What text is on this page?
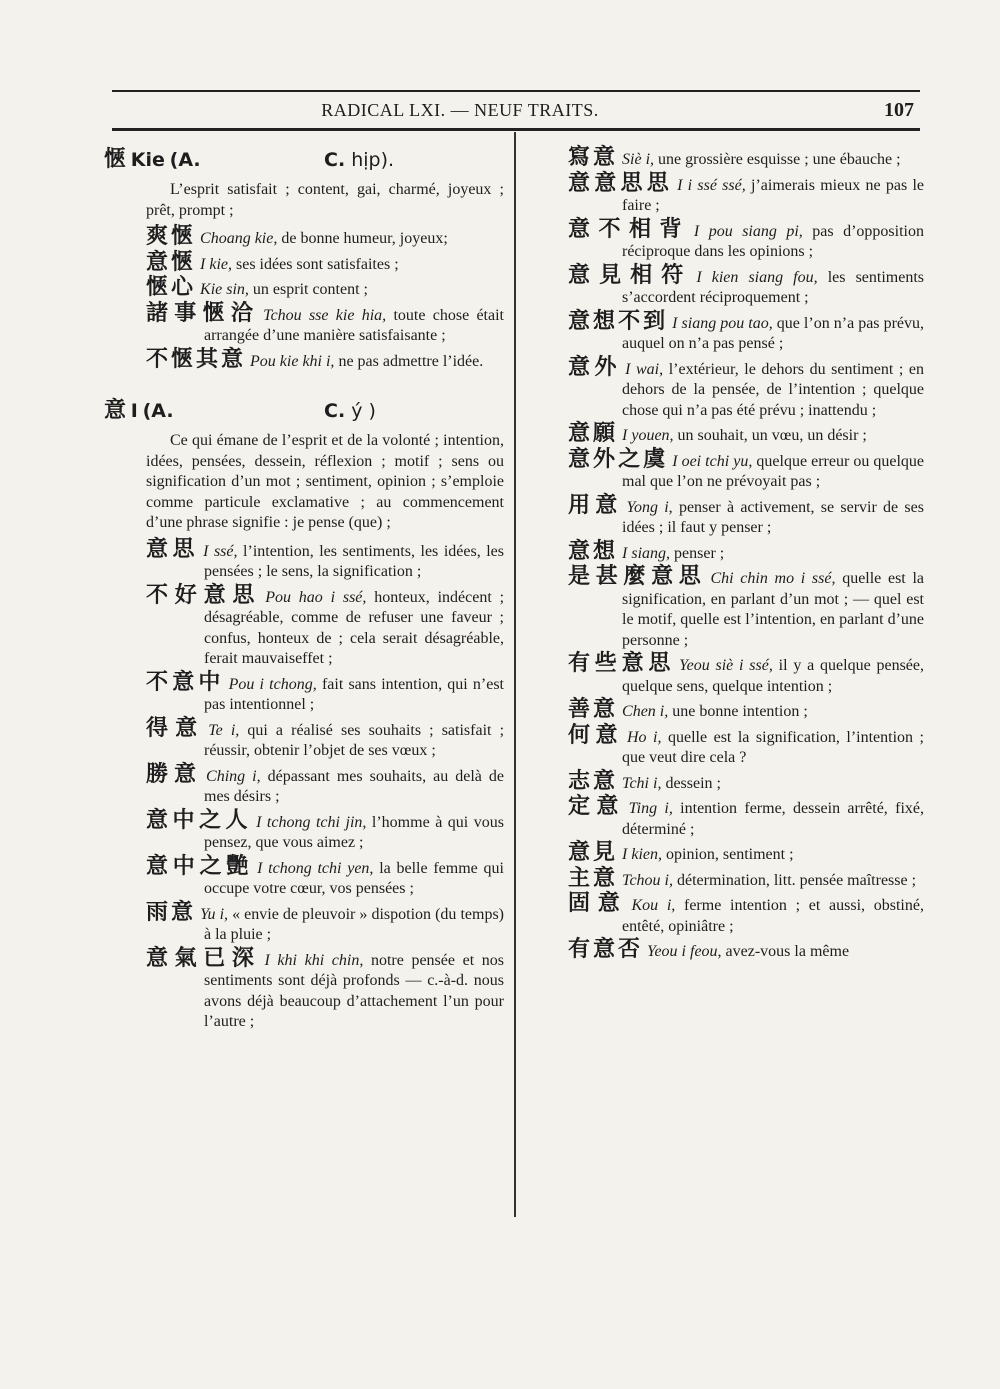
RADICAL LXI. — NEUF TRAITS.	107
愜 Kie (A.	C. hịp).
L’esprit satisfait ; content, gai, charmé, joyeux ; prêt, prompt ;

爽愜 Choang kie, de bonne humeur, joyeux;

意愜 I kie, ses idées sont satisfaites ;

愜心 Kie sin, un esprit content ;

諸事愜洽 Tchou sse kie hia, toute chose était arrangée d’une manière satisfaisante ;

不愜其意 Pou kie khi i, ne pas admettre l’idée.

意 I (A.	C. ý )
Ce qui émane de l’esprit et de la volonté ; intention, idées, pensées, dessein, réflexion ; motif ; sens ou signification d’un mot ; sentiment, opinion ; s’emploie comme particule exclamative ; au commencement d’une phrase signifie : je pense (que) ;

意思 I ssé, l’intention, les sentiments, les idées, les pensées ; le sens, la signification ;

不好意思 Pou hao i ssé, honteux, indécent ; désagréable, comme de refuser une faveur ; confus, honteux de ; cela serait désagréable, ferait mauvaiseffet ;

不意中 Pou i tchong, fait sans intention, qui n’est pas intentionnel ;

得意 Te i, qui a réalisé ses souhaits ; satisfait ; réussir, obtenir l’objet de ses vœux ;

勝意 Ching i, dépassant mes souhaits, au delà de mes désirs ;

意中之人 I tchong tchi jin, l’homme à qui vous pensez, que vous aimez ;

意中之艷 I tchong tchi yen, la belle femme qui occupe votre cœur, vos pensées ;

雨意 Yu i, « envie de pleuvoir » dispotion (du temps) à la pluie ;

意氣已深 I khi khi chin, notre pensée et nos sentiments sont déjà profonds — c.-à-d. nous avons déjà beaucoup d’attachement l’un pour l’autre ;

寫意 Siè i, une grossière esquisse ; une ébauche ;

意意思思 I i ssé ssé, j’aimerais mieux ne pas le faire ;

意不相背 I pou siang pi, pas d’opposition réciproque dans les opinions ;

意見相符 I kien siang fou, les sentiments s’accordent réciproquement ;

意想不到 I siang pou tao, que l’on n’a pas prévu, auquel on n’a pas pensé ;

意外 I wai, l’extérieur, le dehors du sentiment ; en dehors de la pensée, de l’intention ; quelque chose qui n’a pas été prévu ; inattendu ;

意願 I youen, un souhait, un vœu, un désir ;

意外之虞 I oei tchi yu, quelque erreur ou quelque mal que l’on ne prévoyait pas ;

用意 Yong i, penser à activement, se servir de ses idées ; il faut y penser ;

意想 I siang, penser ;

是甚麼意思 Chi chin mo i ssé, quelle est la signification, en parlant d’un mot ; — quel est le motif, quelle est l’intention, en parlant d’une personne ;

有些意思 Yeou siè i ssé, il y a quelque pensée, quelque sens, quelque intention ;

善意 Chen i, une bonne intention ;

何意 Ho i, quelle est la signification, l’intention ; que veut dire cela ?

志意 Tchi i, dessein ;

定意 Ting i, intention ferme, dessein arrêté, fixé, déterminé ;

意見 I kien, opinion, sentiment ;

主意 Tchou i, détermination, litt. pensée maîtresse ;

固意 Kou i, ferme intention ; et aussi, obstiné, entêté, opiniâtre ;

有意否 Yeou i feou, avez-vous la même
